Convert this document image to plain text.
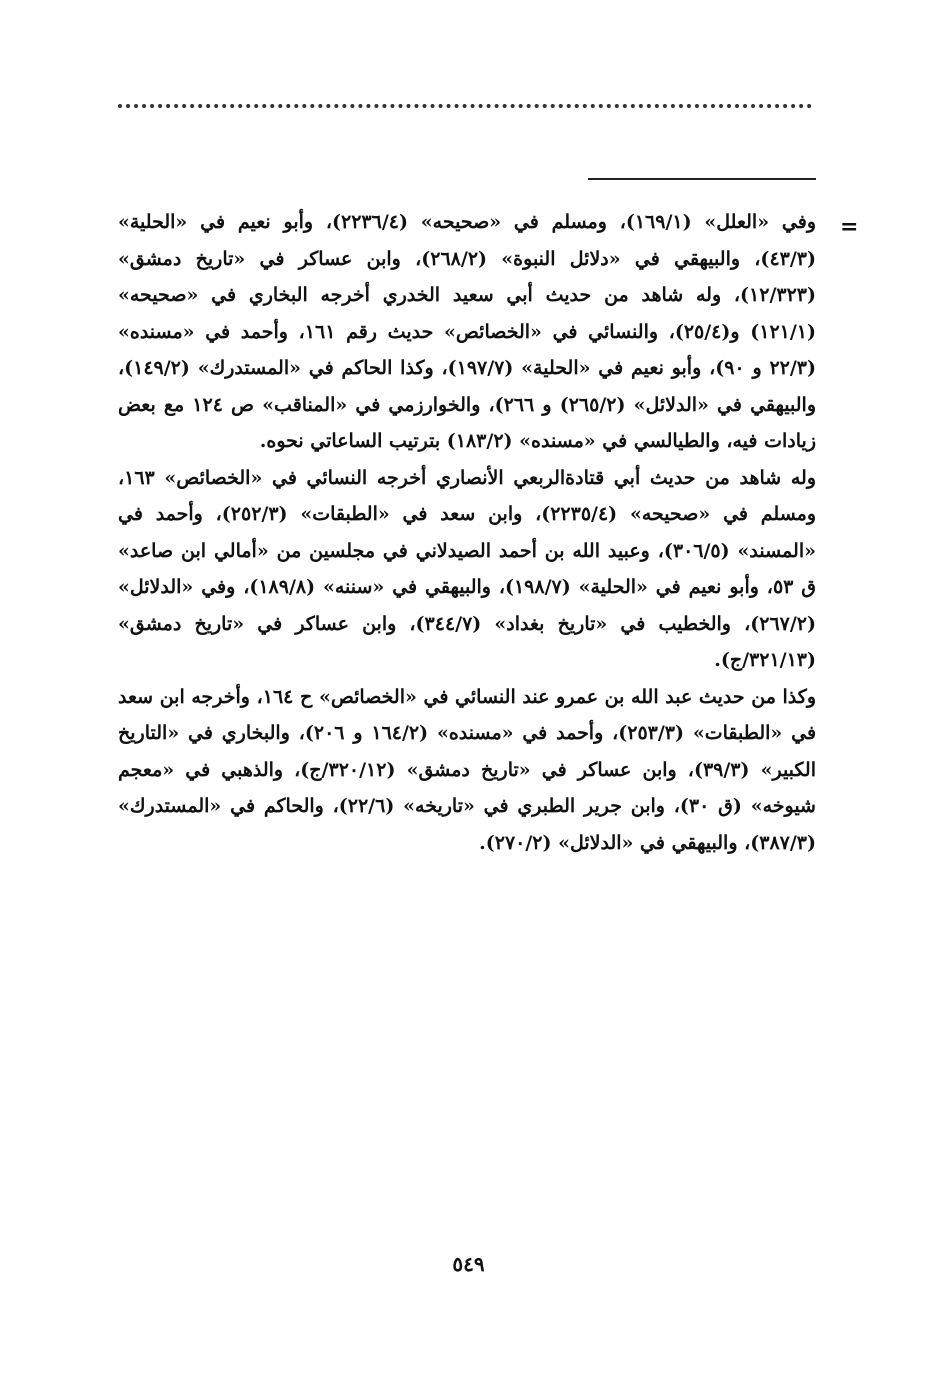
=

وفي «العلل» (١٦٩/١)، ومسلم في «صحيحه» (٢٢٣٦/٤)، وأبو نعيم في «الحلية» (٤٣/٣)، والبيهقي في «دلائل النبوة» (٢٦٨/٢)، وابن عساكر في «تاريخ دمشق» (١٢/٣٢٣)، وله شاهد من حديث أبي سعيد الخدري أخرجه البخاري في «صحيحه» (١٢١/١) و(٢٥/٤)، والنسائي في «الخصائص» حديث رقم ١٦١، وأحمد في «مسنده» (٢٢/٣ و ٩٠)، وأبو نعيم في «الحلية» (١٩٧/٧)، وكذا الحاكم في «المستدرك» (١٤٩/٢)، والبيهقي في «الدلائل» (٢٦٥/٢) و ٢٦٦)، والخوارزمي في «المناقب» ص ١٢٤ مع بعض زيادات فيه، والطيالسي في «مسنده» (١٨٣/٢) بترتيب الساعاتي نحوه.

وله شاهد من حديث أبي قتادةالربعي الأنصاري أخرجه النسائي في «الخصائص» ١٦٣، ومسلم في «صحيحه» (٢٢٣٥/٤)، وابن سعد في «الطبقات» (٢٥٢/٣)، وأحمد في «المسند» (٣٠٦/٥)، وعبيد الله بن أحمد الصيدلاني في مجلسين من «أمالي ابن صاعد» ق ٥٣، وأبو نعيم في «الحلية» (١٩٨/٧)، والبيهقي في «سننه» (١٨٩/٨)، وفي «الدلائل» (٢٦٧/٢)، والخطيب في «تاريخ بغداد» (٣٤٤/٧)، وابن عساكر في «تاريخ دمشق» (٣٢١/١٣/ج).

وكذا من حديث عبد الله بن عمرو عند النسائي في «الخصائص» ح ١٦٤، وأخرجه ابن سعد في «الطبقات» (٢٥٣/٣)، وأحمد في «مسنده» (١٦٤/٢ و ٢٠٦)، والبخاري في «التاريخ الكبير» (٣٩/٣)، وابن عساكر في «تاريخ دمشق» (٣٢٠/١٢/ج)، والذهبي في «معجم شيوخه» (ق ٣٠)، وابن جرير الطبري في «تاريخه» (٢٢/٦)، والحاكم في «المستدرك» (٣٨٧/٣)، والبيهقي في «الدلائل» (٢٧٠/٢).

٥٤٩
